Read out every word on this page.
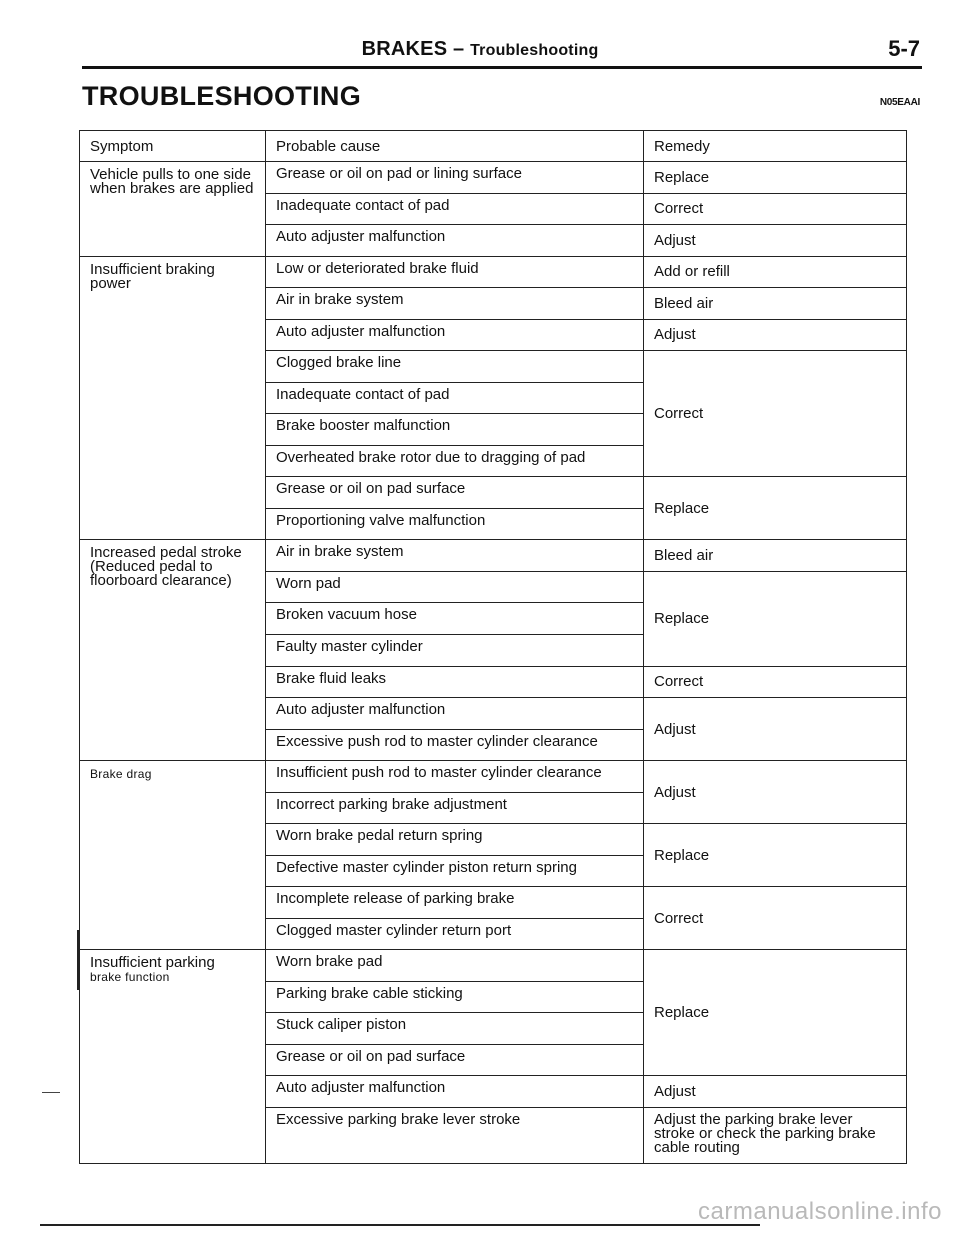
BRAKES – Troubleshooting	5-7
TROUBLESHOOTING	N05EAAI
Symptom	Probable cause	Remedy
Vehicle pulls to one side
when brakes are applied	Grease or oil on pad or lining surface	Replace
	Inadequate contact of pad	Correct
	Auto adjuster malfunction	Adjust
Insufficient braking
power	Low or deteriorated brake fluid	Add or refill
	Air in brake system	Bleed air
	Auto adjuster malfunction	Adjust
	Clogged brake line	Correct
	Inadequate contact of pad	
	Brake booster malfunction	
	Overheated brake rotor due to dragging of pad	
	Grease or oil on pad surface	Replace
	Proportioning valve malfunction	
Increased pedal stroke
(Reduced pedal to
floorboard clearance)	Air in brake system	Bleed air
	Worn pad	Replace
	Broken vacuum hose	
	Faulty master cylinder	
	Brake fluid leaks	Correct
	Auto adjuster malfunction	Adjust
	Excessive push rod to master cylinder clearance	
Brake drag	Insufficient push rod to master cylinder clearance	Adjust
	Incorrect parking brake adjustment	
	Worn brake pedal return spring	Replace
	Defective master cylinder piston return spring	
	Incomplete release of parking brake	Correct
	Clogged master cylinder return port	
Insufficient parking
brake function	Worn brake pad	Replace
	Parking brake cable sticking	
	Stuck caliper piston	
	Grease or oil on pad surface	
	Auto adjuster malfunction	Adjust
	Excessive parking brake lever stroke	Adjust the parking brake lever
stroke or check the parking brake
cable routing
carmanualsonline.info
